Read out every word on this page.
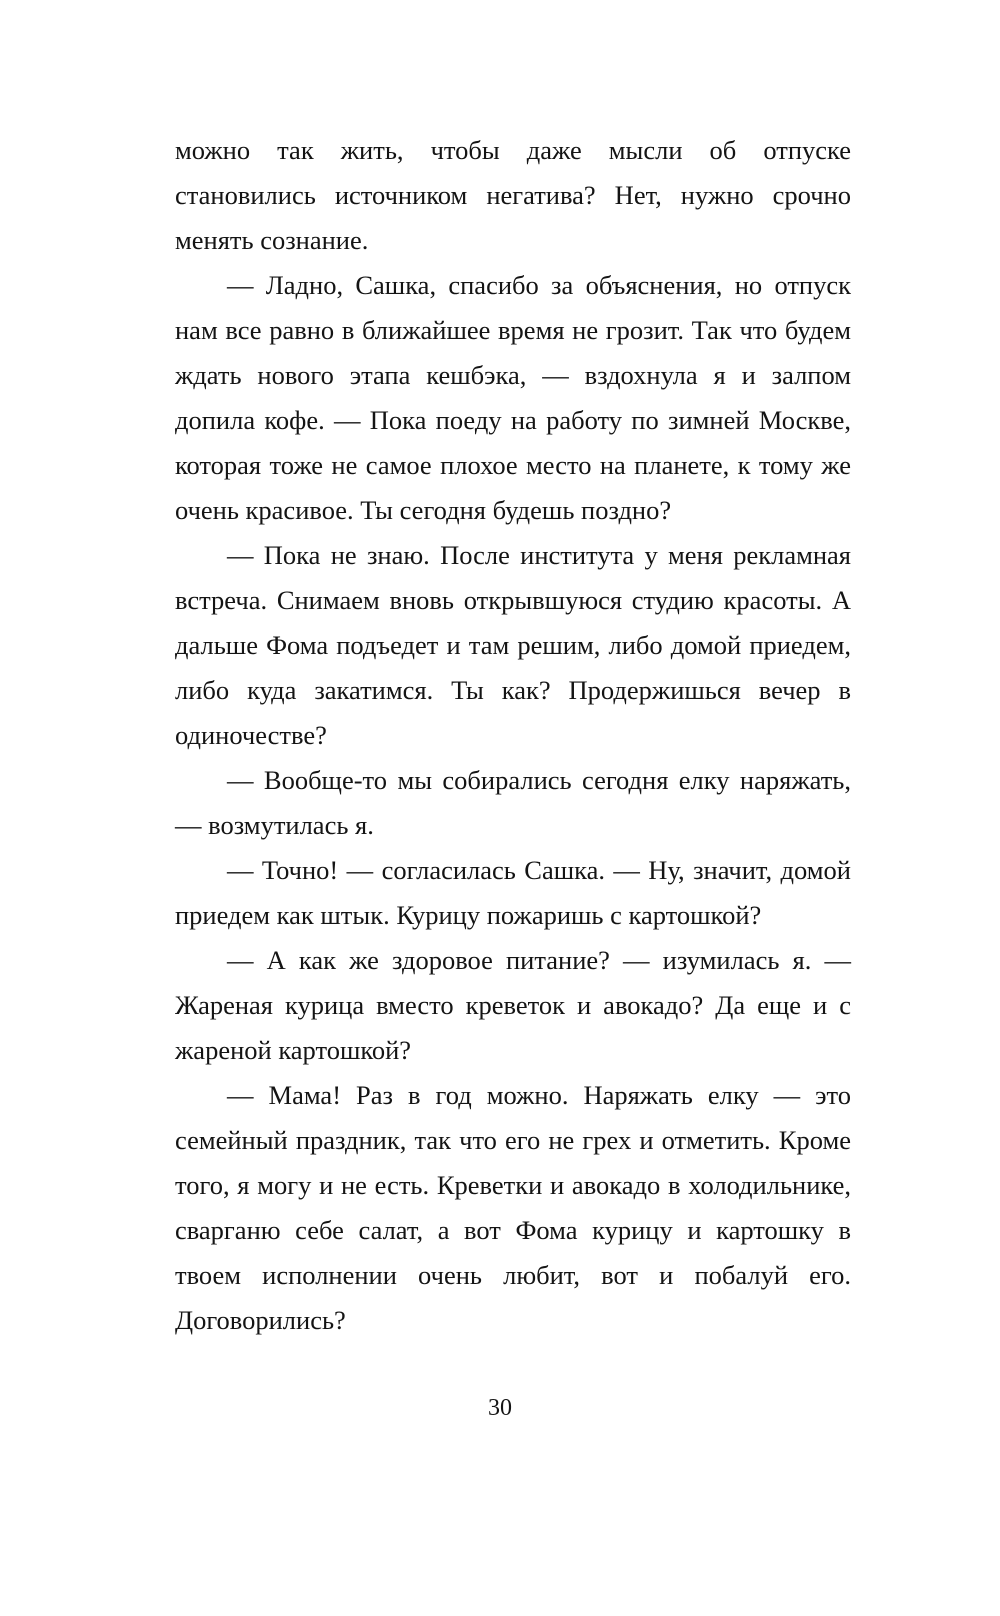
можно так жить, чтобы даже мысли об отпуске становились источником негатива? Нет, нужно срочно менять сознание.

— Ладно, Сашка, спасибо за объяснения, но отпуск нам все равно в ближайшее время не грозит. Так что будем ждать нового этапа кешбэка, — вздохнула я и залпом допила кофе. — Пока поеду на работу по зимней Москве, которая тоже не самое плохое место на планете, к тому же очень красивое. Ты сегодня будешь поздно?

— Пока не знаю. После института у меня рекламная встреча. Снимаем вновь открывшуюся студию красоты. А дальше Фома подъедет и там решим, либо домой приедем, либо куда закатимся. Ты как? Продержишься вечер в одиночестве?

— Вообще-то мы собирались сегодня елку наряжать, — возмутилась я.

— Точно! — согласилась Сашка. — Ну, значит, домой приедем как штык. Курицу пожаришь с картошкой?

— А как же здоровое питание? — изумилась я. — Жареная курица вместо креветок и авокадо? Да еще и с жареной картошкой?

— Мама! Раз в год можно. Наряжать елку — это семейный праздник, так что его не грех и отметить. Кроме того, я могу и не есть. Креветки и авокадо в холодильнике, сварганю себе салат, а вот Фома курицу и картошку в твоем исполнении очень любит, вот и побалуй его. Договорились?

30
